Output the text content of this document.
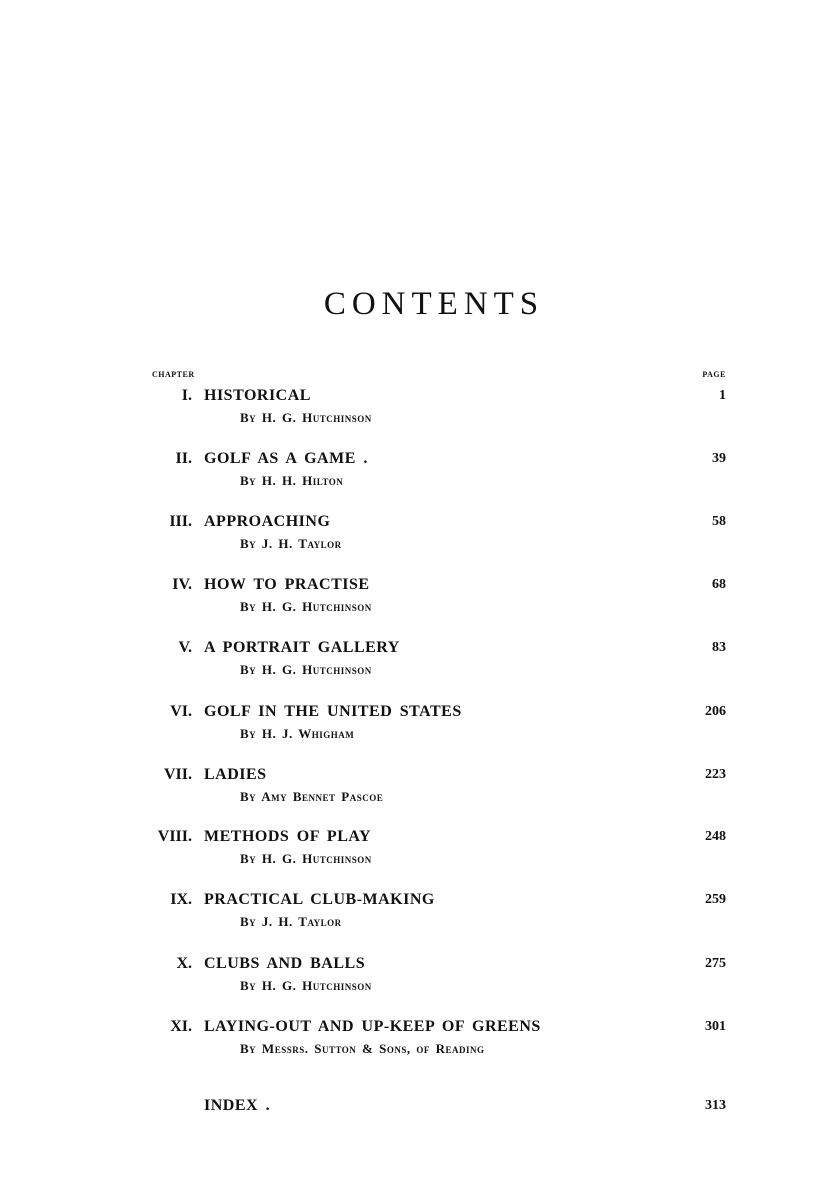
CONTENTS
CHAPTER	PAGE
I. HISTORICAL
By H. G. Hutchinson
1
II. GOLF AS A GAME .
By H. H. Hilton
39
III. APPROACHING
By J. H. Taylor
58
IV. HOW TO PRACTISE
By H. G. Hutchinson
68
V. A PORTRAIT GALLERY
By H. G. Hutchinson
83
VI. GOLF IN THE UNITED STATES
By H. J. Whigham
206
VII. LADIES
By Amy Bennet Pascoe
223
VIII. METHODS OF PLAY
By H. G. Hutchinson
248
IX. PRACTICAL CLUB-MAKING
By J. H. Taylor
259
X. CLUBS AND BALLS
By H. G. Hutchinson
275
XI. LAYING-OUT AND UP-KEEP OF GREENS
By Messrs. Sutton & Sons, of Reading
301
INDEX .	313
